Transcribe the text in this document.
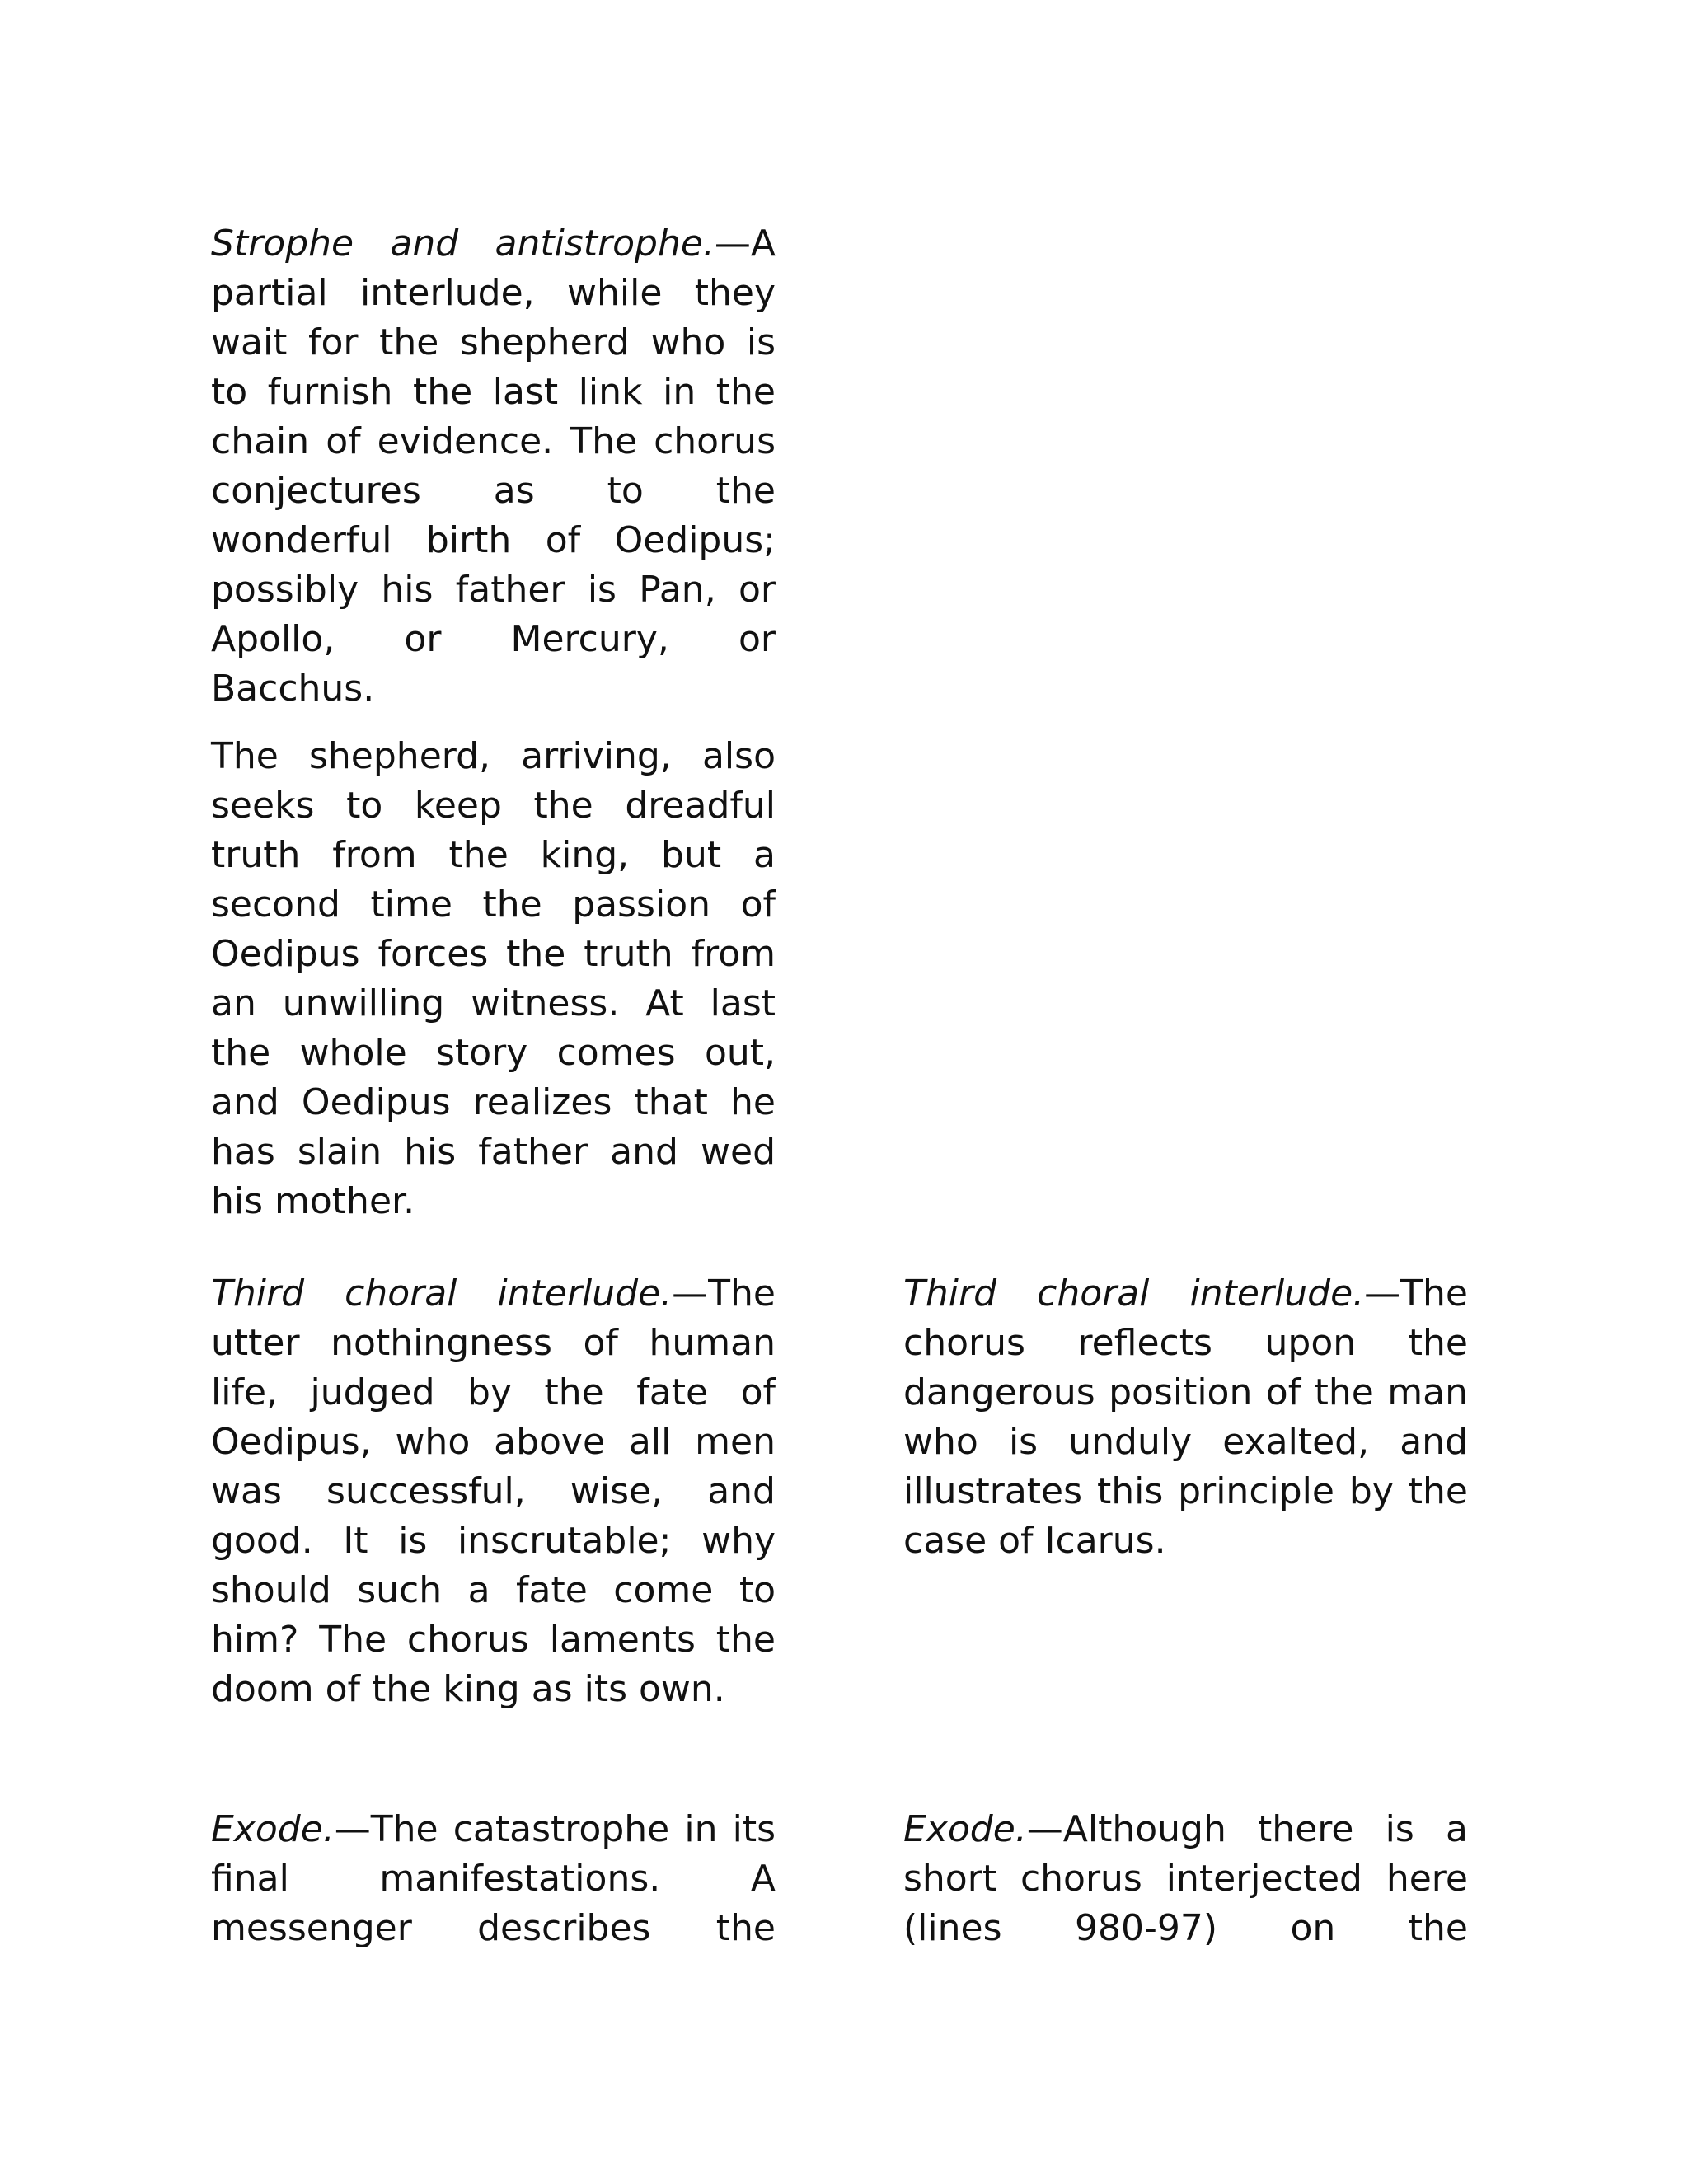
Strophe and antistrophe.—A partial interlude, while they wait for the shepherd who is to furnish the last link in the chain of evidence. The chorus conjectures as to the wonderful birth of Oedipus; possibly his father is Pan, or Apollo, or Mercury, or Bacchus.

The shepherd, arriving, also seeks to keep the dreadful truth from the king, but a second time the passion of Oedipus forces the truth from an unwilling witness. At last the whole story comes out, and Oedipus realizes that he has slain his father and wed his mother.

Third choral interlude.—The utter nothingness of human life, judged by the fate of Oedipus, who above all men was successful, wise, and good. It is inscrutable; why should such a fate come to him? The chorus laments the doom of the king as its own.

Third choral interlude.—The chorus reflects upon the dangerous position of the man who is unduly exalted, and illustrates this principle by the case of Icarus.

Exode.—The catastrophe in its final manifestations. A messenger describes the

Exode.—Although there is a short chorus interjected here (lines 980-97) on the
